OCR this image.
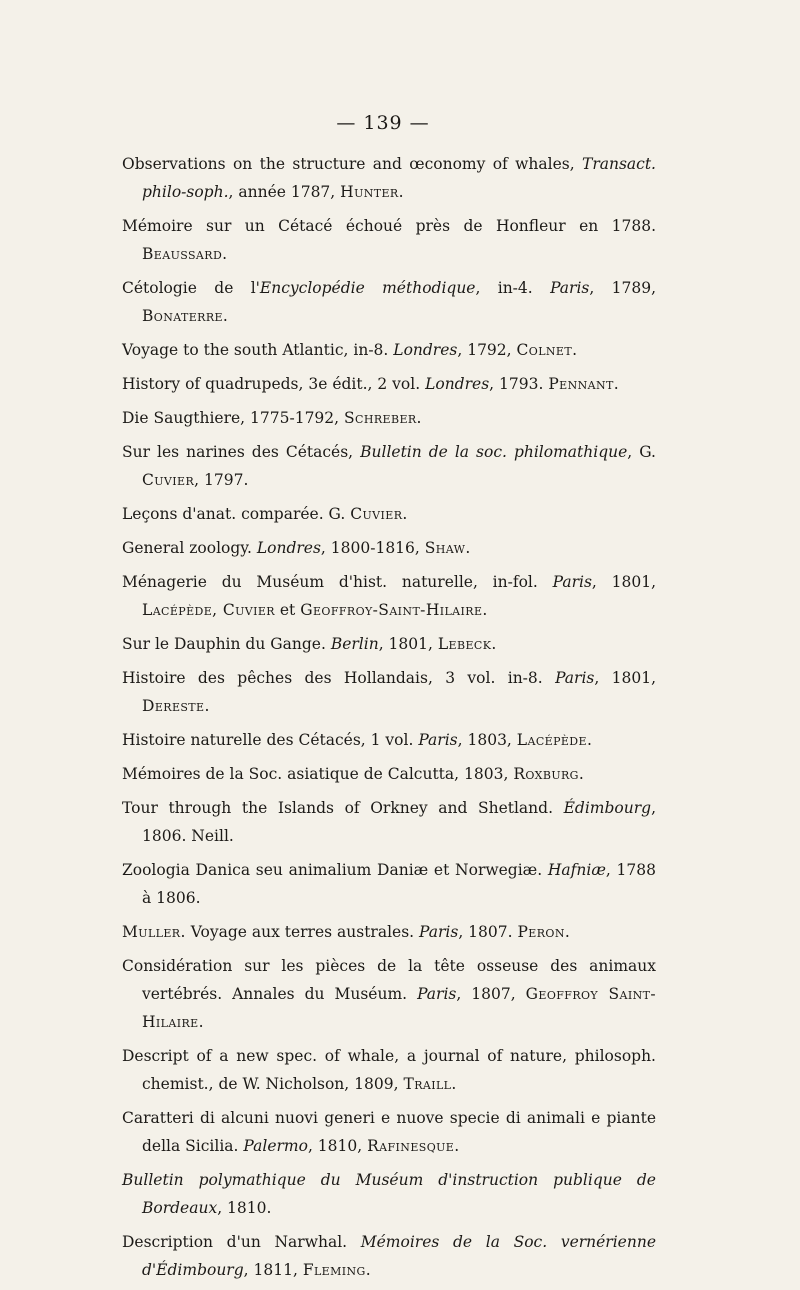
— 139 —

Observations on the structure and œconomy of whales, Transact. philo-soph., année 1787, Hunter.

Mémoire sur un Cétacé échoué près de Honfleur en 1788. Beaussard.

Cétologie de l'Encyclopédie méthodique, in-4. Paris, 1789, Bonaterre.

Voyage to the south Atlantic, in-8. Londres, 1792, Colnet.

History of quadrupeds, 3e édit., 2 vol. Londres, 1793. Pennant.

Die Saugthiere, 1775-1792, Schreber.

Sur les narines des Cétacés, Bulletin de la soc. philomathique, G. Cuvier, 1797.

Leçons d'anat. comparée. G. Cuvier.

General zoology. Londres, 1800-1816, Shaw.

Ménagerie du Muséum d'hist. naturelle, in-fol. Paris, 1801, Lacépède, Cuvier et Geoffroy-Saint-Hilaire.

Sur le Dauphin du Gange. Berlin, 1801, Lebeck.

Histoire des pêches des Hollandais, 3 vol. in-8. Paris, 1801, Dereste.

Histoire naturelle des Cétacés, 1 vol. Paris, 1803, Lacépède.

Mémoires de la Soc. asiatique de Calcutta, 1803, Roxburg.

Tour through the Islands of Orkney and Shetland. Édimbourg, 1806. Neill.

Zoologia Danica seu animalium Daniæ et Norwegiæ. Hafniæ, 1788 à 1806.

Muller. Voyage aux terres australes. Paris, 1807. Peron.

Considération sur les pièces de la tête osseuse des animaux vertébrés. Annales du Muséum. Paris, 1807, Geoffroy Saint-Hilaire.

Descript of a new spec. of whale, a journal of nature, philosoph. chemist., de W. Nicholson, 1809, Traill.

Caratteri di alcuni nuovi generi e nuove specie di animali e piante della Sicilia. Palermo, 1810, Rafinesque.

Bulletin polymathique du Muséum d'instruction publique de Bordeaux, 1810.

Description d'un Narwhal. Mémoires de la Soc. vernérienne d'Édimbourg, 1811, Fleming.
